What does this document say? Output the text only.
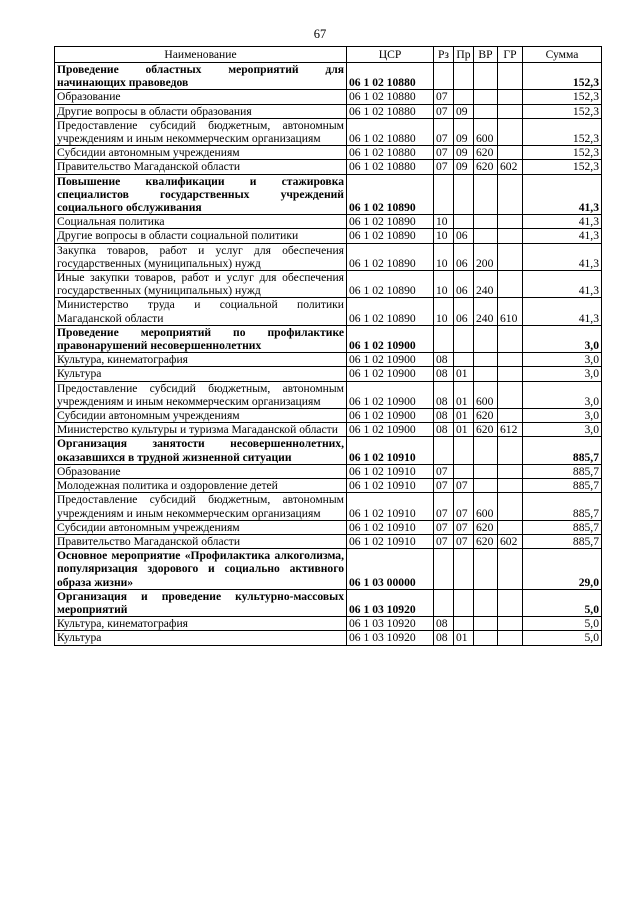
67
Наименование	ЦСР	Рз	Пр	ВР	ГР	Сумма
Проведение областных мероприятий для начинающих правоведов	06 1 02 10880					152,3
Образование	06 1 02 10880	07				152,3
Другие вопросы в области образования	06 1 02 10880	07	09			152,3
Предоставление субсидий бюджетным, автономным учреждениям и иным некоммерческим организациям	06 1 02 10880	07	09	600		152,3
Субсидии автономным учреждениям	06 1 02 10880	07	09	620		152,3
Правительство Магаданской области	06 1 02 10880	07	09	620	602	152,3
Повышение квалификации и стажировка специалистов государственных учреждений социального обслуживания	06 1 02 10890					41,3
Социальная политика	06 1 02 10890	10				41,3
Другие вопросы в области социальной политики	06 1 02 10890	10	06			41,3
Закупка товаров, работ и услуг для обеспечения государственных (муниципальных) нужд	06 1 02 10890	10	06	200		41,3
Иные закупки товаров, работ и услуг для обеспечения государственных (муниципальных) нужд	06 1 02 10890	10	06	240		41,3
Министерство труда и социальной политики Магаданской области	06 1 02 10890	10	06	240	610	41,3
Проведение мероприятий по профилактике правонарушений несовершеннолетних	06 1 02 10900					3,0
Культура, кинематография	06 1 02 10900	08				3,0
Культура	06 1 02 10900	08	01			3,0
Предоставление субсидий бюджетным, автономным учреждениям и иным некоммерческим организациям	06 1 02 10900	08	01	600		3,0
Субсидии автономным учреждениям	06 1 02 10900	08	01	620		3,0
Министерство культуры и туризма Магаданской области	06 1 02 10900	08	01	620	612	3,0
Организация занятости несовершеннолетних, оказавшихся в трудной жизненной ситуации	06 1 02 10910					885,7
Образование	06 1 02 10910	07				885,7
Молодежная политика и оздоровление детей	06 1 02 10910	07	07			885,7
Предоставление субсидий бюджетным, автономным учреждениям и иным некоммерческим организациям	06 1 02 10910	07	07	600		885,7
Субсидии автономным учреждениям	06 1 02 10910	07	07	620		885,7
Правительство Магаданской области	06 1 02 10910	07	07	620	602	885,7
Основное мероприятие «Профилактика алкоголизма, популяризация здорового и социально активного образа жизни»	06 1 03 00000					29,0
Организация и проведение культурно-массовых мероприятий	06 1 03 10920					5,0
Культура, кинематография	06 1 03 10920	08				5,0
Культура	06 1 03 10920	08	01			5,0
